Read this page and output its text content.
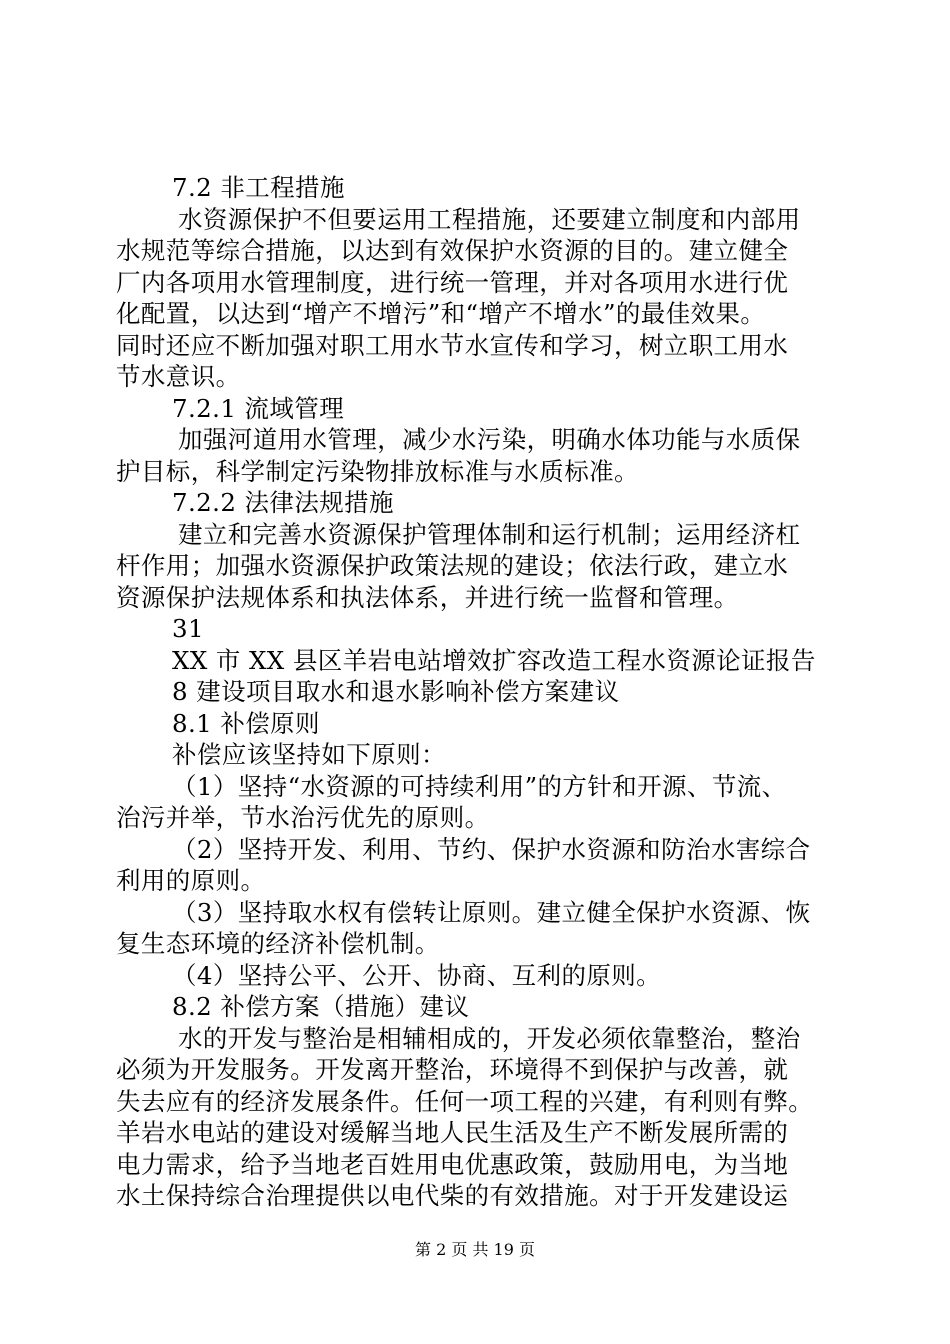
7.2 非工程措施
水资源保护不但要运用工程措施，还要建立制度和内部用
水规范等综合措施，以达到有效保护水资源的目的。建立健全
厂内各项用水管理制度，进行统一管理，并对各项用水进行优
化配置，以达到“增产不增污”和“增产不增水”的最佳效果。
同时还应不断加强对职工用水节水宣传和学习，树立职工用水
节水意识。
7.2.1 流域管理
加强河道用水管理，减少水污染，明确水体功能与水质保
护目标，科学制定污染物排放标准与水质标准。
7.2.2 法律法规措施
建立和完善水资源保护管理体制和运行机制；运用经济杠
杆作用；加强水资源保护政策法规的建设；依法行政，建立水
资源保护法规体系和执法体系，并进行统一监督和管理。
31
XX 市 XX 县区羊岩电站增效扩容改造工程水资源论证报告
8 建设项目取水和退水影响补偿方案建议
8.1 补偿原则
补偿应该坚持如下原则：
（1）坚持“水资源的可持续利用”的方针和开源、节流、
治污并举，节水治污优先的原则。
（2）坚持开发、利用、节约、保护水资源和防治水害综合
利用的原则。
（3）坚持取水权有偿转让原则。建立健全保护水资源、恢
复生态环境的经济补偿机制。
（4）坚持公平、公开、协商、互利的原则。
8.2 补偿方案（措施）建议
水的开发与整治是相辅相成的，开发必须依靠整治，整治
必须为开发服务。开发离开整治，环境得不到保护与改善，就
失去应有的经济发展条件。任何一项工程的兴建，有利则有弊。
羊岩水电站的建设对缓解当地人民生活及生产不断发展所需的
电力需求，给予当地老百姓用电优惠政策，鼓励用电，为当地
水土保持综合治理提供以电代柴的有效措施。对于开发建设运
第 2 页 共 19 页
